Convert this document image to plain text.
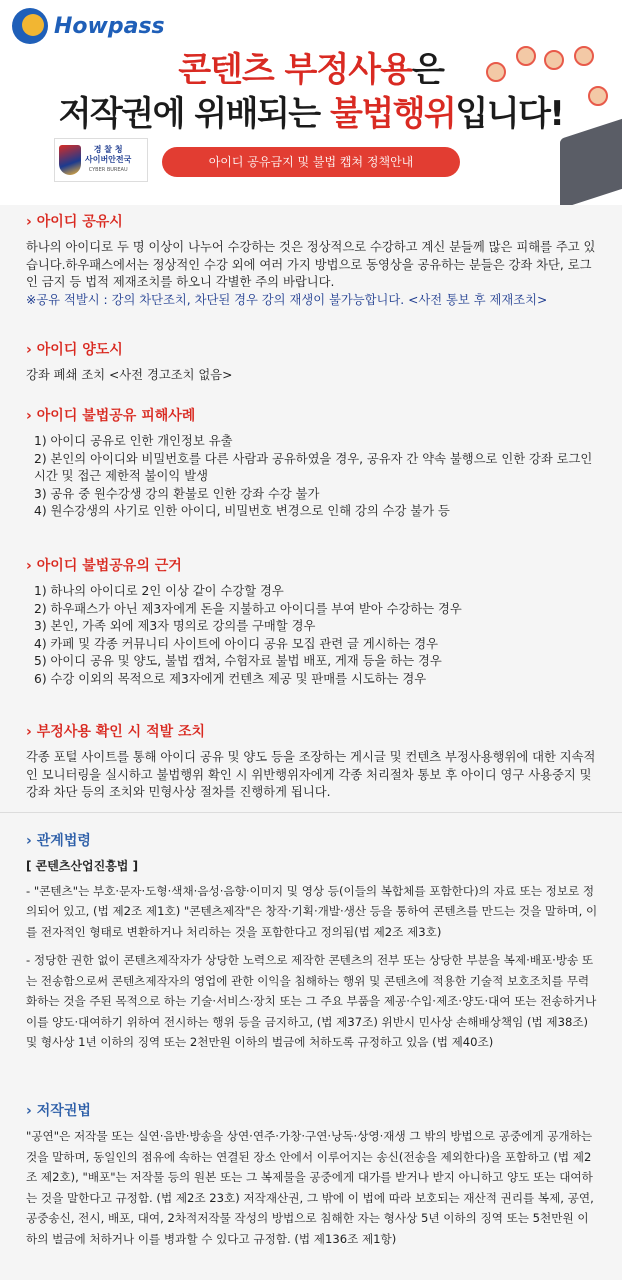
Howpass
콘텐츠 부정사용은
저작권에 위배되는 불법행위입니다!
경 찰 청
사이버안전국
CYBER BUREAU
아이디 공유금지 및 불법 캡쳐 정책안내
› 아이디 공유시

하나의 아이디로 두 명 이상이 나누어 수강하는 것은 정상적으로 수강하고 계신 분들께 많은 피해를 주고 있습니다.하우패스에서는 정상적인 수강 외에 여러 가지 방법으로 동영상을 공유하는 분들은 강좌 차단, 로그인 금지 등 법적 제재조치를 하오니 각별한 주의 바랍니다.

※공유 적발시 : 강의 차단조치, 차단된 경우 강의 재생이 불가능합니다. <사전 통보 후 제재조치>

› 아이디 양도시

강좌 폐쇄 조치 <사전 경고조치 없음>

› 아이디 불법공유 피해사례
1) 아이디 공유로 인한 개인정보 유출
2) 본인의 아이디와 비밀번호를 다른 사람과 공유하였을 경우, 공유자 간 약속 불행으로 인한 강좌 로그인 시간 및 접근 제한적 불이익 발생
3) 공유 중 원수강생 강의 환불로 인한 강좌 수강 불가
4) 원수강생의 사기로 인한 아이디, 비밀번호 변경으로 인해 강의 수강 불가 등
› 아이디 불법공유의 근거
1) 하나의 아이디로 2인 이상 같이 수강할 경우
2) 하우패스가 아닌 제3자에게 돈을 지불하고 아이디를 부여 받아 수강하는 경우
3) 본인, 가족 외에 제3자 명의로 강의를 구매할 경우
4) 카페 및 각종 커뮤니티 사이트에 아이디 공유 모집 관련 글 게시하는 경우
5) 아이디 공유 및 양도, 불법 캡쳐, 수험자료 불법 배포, 게재 등을 하는 경우
6) 수강 이외의 목적으로 제3자에게 컨텐츠 제공 및 판매를 시도하는 경우
› 부정사용 확인 시 적발 조치

각종 포털 사이트를 통해 아이디 공유 및 양도 등을 조장하는 게시글 및 컨텐츠 부정사용행위에 대한 지속적인 모니터링을 실시하고 불법행위 확인 시 위반행위자에게 각종 처리절차 통보 후 아이디 영구 사용중지 및 강좌 차단 등의 조치와 민형사상 절차를 진행하게 됩니다.

› 관계법령

[ 콘텐츠산업진흥법 ]

- "콘텐츠"는 부호·문자·도형·색채·음성·음향·이미지 및 영상 등(이들의 복합체를 포함한다)의 자료 또는 정보로 정의되어 있고, (법 제2조 제1호) "콘텐츠제작"은 창작·기획·개발·생산 등을 통하여 콘텐츠를 만드는 것을 말하며, 이를 전자적인 형태로 변환하거나 처리하는 것을 포함한다고 정의됨(법 제2조 제3호)

- 정당한 권한 없이 콘텐츠제작자가 상당한 노력으로 제작한 콘텐츠의 전부 또는 상당한 부분을 복제·배포·방송 또는 전송함으로써 콘텐츠제작자의 영업에 관한 이익을 침해하는 행위 및 콘텐츠에 적용한 기술적 보호조치를 무력화하는 것을 주된 목적으로 하는 기술·서비스·장치 또는 그 주요 부품을 제공·수입·제조·양도·대여 또는 전송하거나 이를 양도·대여하기 위하여 전시하는 행위 등을 금지하고, (법 제37조) 위반시 민사상 손해배상책임 (법 제38조) 및 형사상 1년 이하의 징역 또는 2천만원 이하의 벌금에 처하도록 규정하고 있음 (법 제40조)

› 저작권법

"공연"은 저작물 또는 실연·음반·방송을 상연·연주·가창·구연·낭독·상영·재생 그 밖의 방법으로 공중에게 공개하는 것을 말하며, 동일인의 점유에 속하는 연결된 장소 안에서 이루어지는 송신(전송을 제외한다)을 포함하고 (법 제2조 제2호), "배포"는 저작물 등의 원본 또는 그 복제물을 공중에게 대가를 받거나 받지 아니하고 양도 또는 대여하는 것을 말한다고 규정함. (법 제2조 23호) 저작재산권, 그 밖에 이 법에 따라 보호되는 재산적 권리를 복제, 공연, 공중송신, 전시, 배포, 대여, 2차적저작물 작성의 방법으로 침해한 자는 형사상 5년 이하의 징역 또는 5천만원 이하의 벌금에 처하거나 이를 병과할 수 있다고 규정함. (법 제136조 제1항)
